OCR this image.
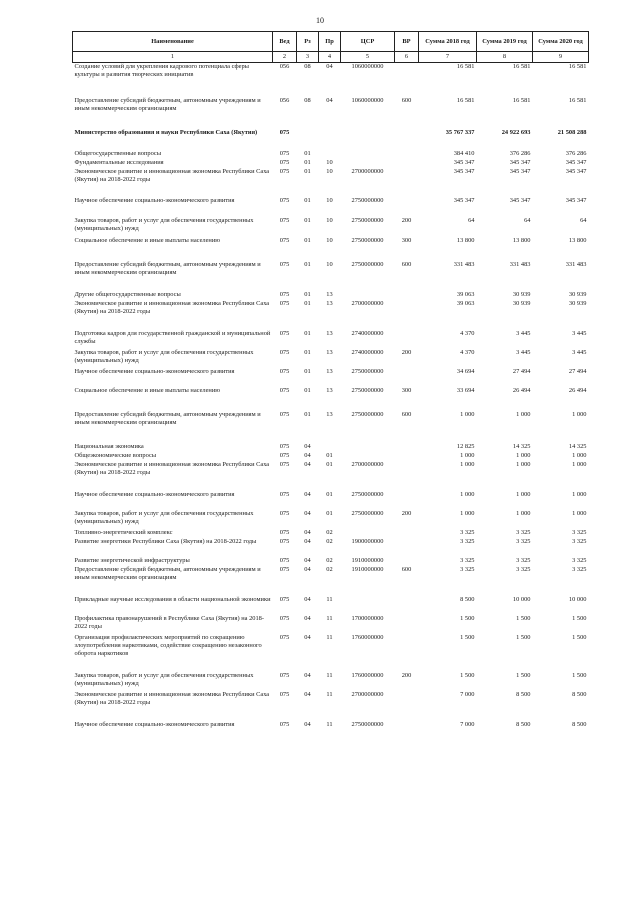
10
Наименование	Вед	Рз	Пр	ЦСР	ВР	Сумма 2018 год	Сумма 2019 год	Сумма 2020 год
1	2	3	4	5	6	7	8	9
Создание условий для укрепления кадрового потенциала сферы культуры и развития творческих инициатив	056	08	04	1060000000		16 581	16 581	16 581
Предоставление субсидий бюджетным, автономным учреждениям и иным некоммерческим организациям	056	08	04	1060000000	600	16 581	16 581	16 581
Министерство образования и науки Республики Саха (Якутия)	075					35 767 337	24 922 693	21 508 288
Общегосударственные вопросы	075	01				384 410	376 286	376 286
Фундаментальные исследования	075	01	10			345 347	345 347	345 347
Экономическое развитие и инновационная экономика Республики Саха (Якутия) на 2018-2022 годы	075	01	10	2700000000		345 347	345 347	345 347
Научное обеспечение социально-экономического развития	075	01	10	2750000000		345 347	345 347	345 347
Закупка товаров, работ и услуг для обеспечения государственных (муниципальных) нужд	075	01	10	2750000000	200	64	64	64
Социальное обеспечение и иные выплаты населению	075	01	10	2750000000	300	13 800	13 800	13 800
Предоставление субсидий бюджетным, автономным учреждениям и иным некоммерческим организациям	075	01	10	2750000000	600	331 483	331 483	331 483
Другие общегосударственные вопросы	075	01	13			39 063	30 939	30 939
Экономическое развитие и инновационная экономика Республики Саха (Якутия) на 2018-2022 годы	075	01	13	2700000000		39 063	30 939	30 939
Подготовка кадров для государственной гражданской и муниципальной службы	075	01	13	2740000000		4 370	3 445	3 445
Закупка товаров, работ и услуг для обеспечения государственных (муниципальных) нужд	075	01	13	2740000000	200	4 370	3 445	3 445
Научное обеспечение социально-экономического развития	075	01	13	2750000000		34 694	27 494	27 494
Социальное обеспечение и иные выплаты населению	075	01	13	2750000000	300	33 694	26 494	26 494
Предоставление субсидий бюджетным, автономным учреждениям и иным некоммерческим организациям	075	01	13	2750000000	600	1 000	1 000	1 000
Национальная экономика	075	04				12 825	14 325	14 325
Общеэкономические вопросы	075	04	01			1 000	1 000	1 000
Экономическое развитие и инновационная экономика Республики Саха (Якутия) на 2018-2022 годы	075	04	01	2700000000		1 000	1 000	1 000
Научное обеспечение социально-экономического развития	075	04	01	2750000000		1 000	1 000	1 000
Закупка товаров, работ и услуг для обеспечения государственных (муниципальных) нужд	075	04	01	2750000000	200	1 000	1 000	1 000
Топливно-энергетический комплекс	075	04	02			3 325	3 325	3 325
Развитие энергетики Республики Саха (Якутия) на 2018-2022 годы	075	04	02	1900000000		3 325	3 325	3 325
Развитие энергетической инфраструктуры	075	04	02	1910000000		3 325	3 325	3 325
Предоставление субсидий бюджетным, автономным учреждениям и иным некоммерческим организациям	075	04	02	1910000000	600	3 325	3 325	3 325
Прикладные научные исследования в области национальной экономики	075	04	11			8 500	10 000	10 000
Профилактика правонарушений в Республике Саха (Якутия) на 2018-2022 годы	075	04	11	1700000000		1 500	1 500	1 500
Организация профилактических мероприятий по сокращению злоупотребления наркотиками, содействие сокращению незаконного оборота наркотиков	075	04	11	1760000000		1 500	1 500	1 500
Закупка товаров, работ и услуг для обеспечения государственных (муниципальных) нужд	075	04	11	1760000000	200	1 500	1 500	1 500
Экономическое развитие и инновационная экономика Республики Саха (Якутия) на 2018-2022 годы	075	04	11	2700000000		7 000	8 500	8 500
Научное обеспечение социально-экономического развития	075	04	11	2750000000		7 000	8 500	8 500
